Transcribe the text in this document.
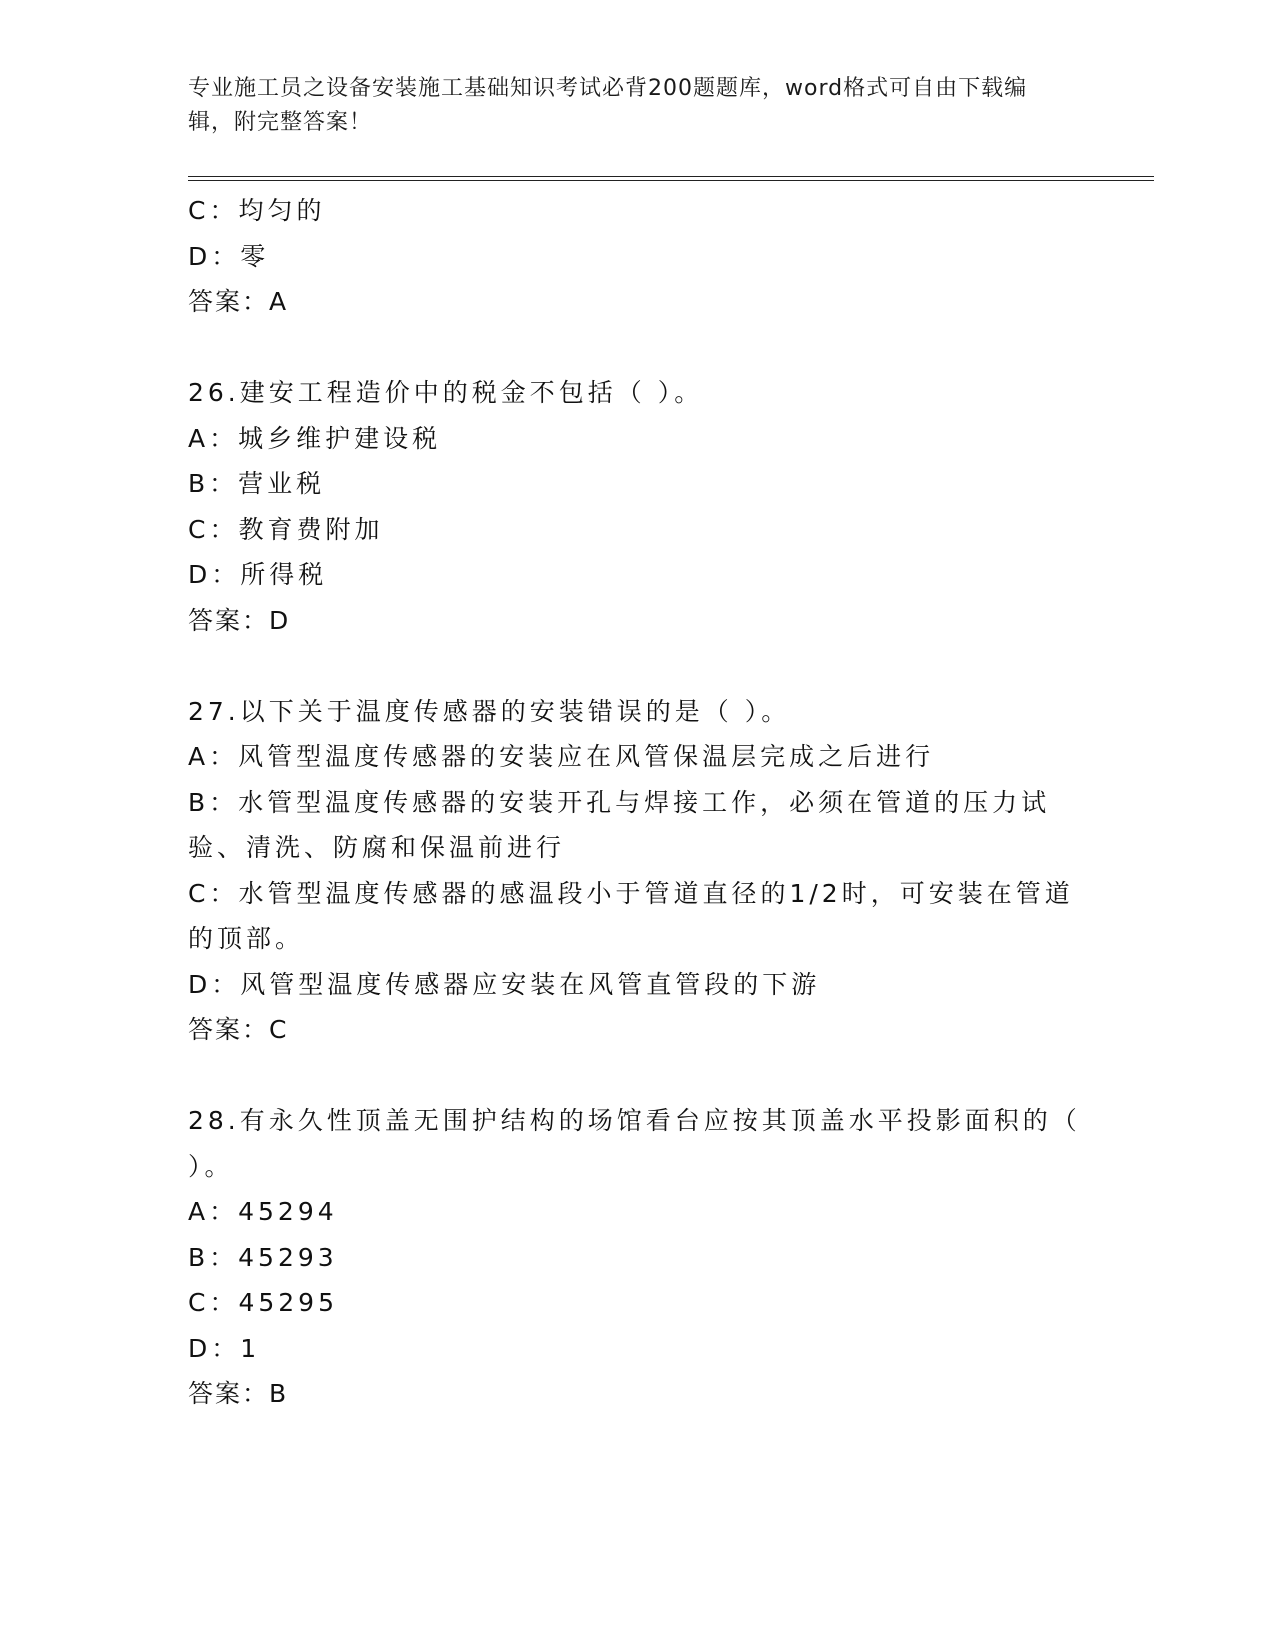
专业施工员之设备安装施工基础知识考试必背200题题库，word格式可自由下载编辑，附完整答案！
C：均匀的
D：零
答案：A
26.建安工程造价中的税金不包括（ ）。
A：城乡维护建设税
B：营业税
C：教育费附加
D：所得税
答案：D
27.以下关于温度传感器的安装错误的是（ ）。
A：风管型温度传感器的安装应在风管保温层完成之后进行
B：水管型温度传感器的安装开孔与焊接工作，必须在管道的压力试验、清洗、防腐和保温前进行
C：水管型温度传感器的感温段小于管道直径的1/2时，可安装在管道的顶部。
D：风管型温度传感器应安装在风管直管段的下游
答案：C
28.有永久性顶盖无围护结构的场馆看台应按其顶盖水平投影面积的（ ）。
A：45294
B：45293
C：45295
D：1
答案：B
